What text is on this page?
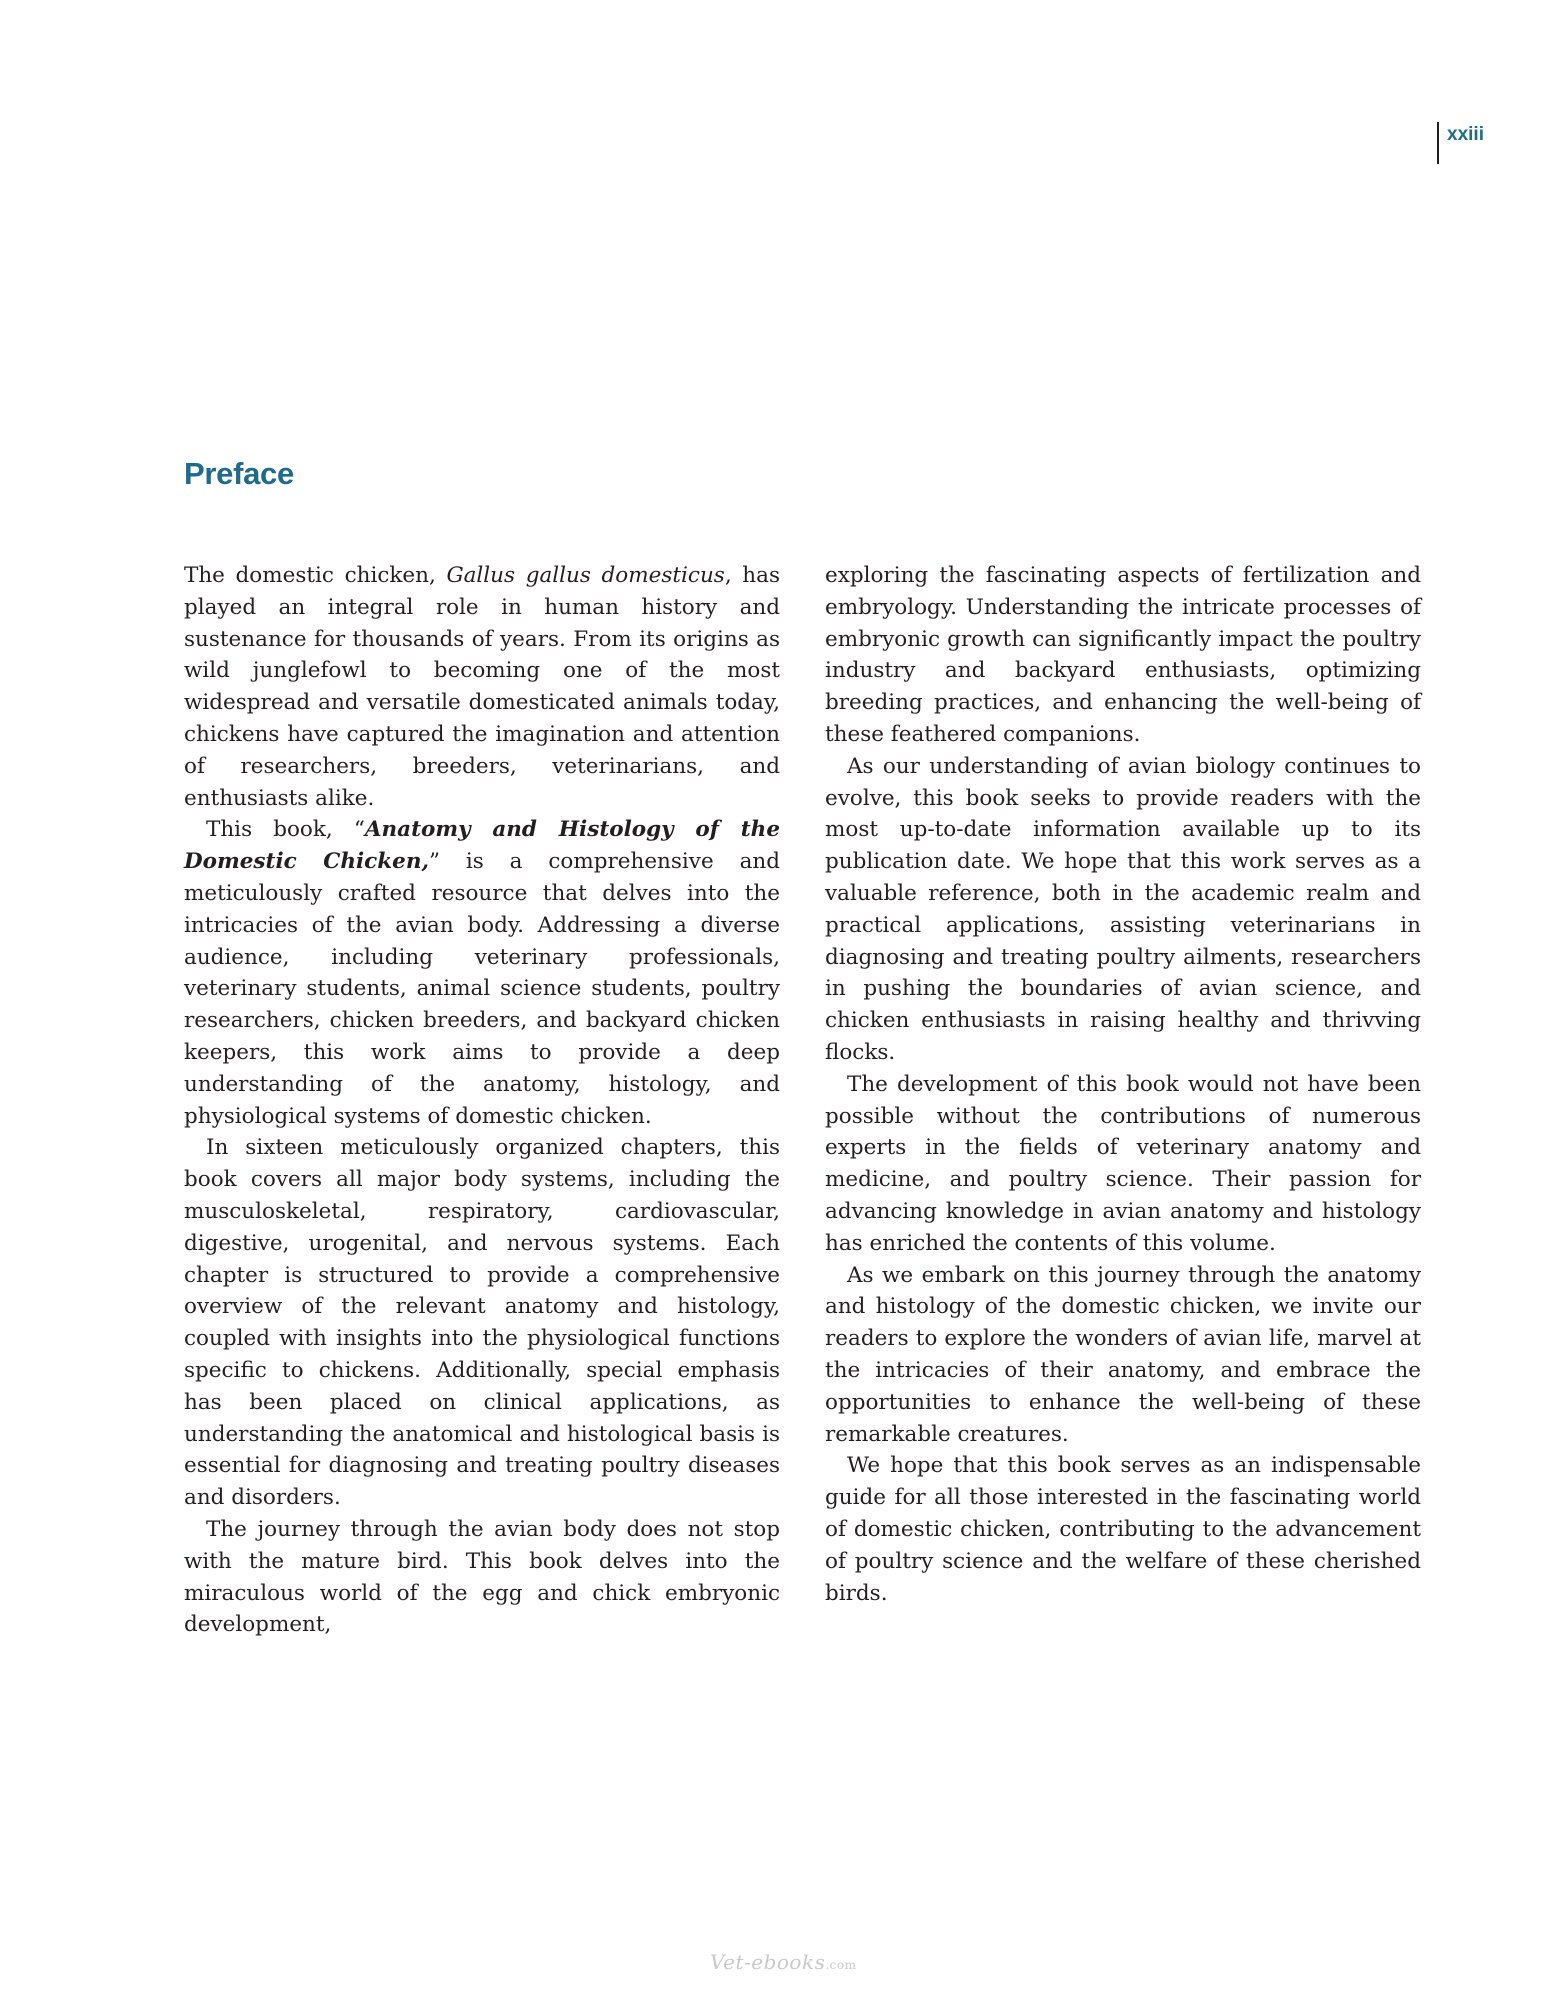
xxiii
Preface

The domestic chicken, Gallus gallus domesticus, has played an integral role in human history and sustenance for thousands of years. From its origins as wild junglefowl to becoming one of the most widespread and versatile domesticated animals today, chickens have captured the imagination and attention of researchers, breeders, veterinarians, and enthusiasts alike.

This book, “Anatomy and Histology of the Domestic Chicken,” is a comprehensive and meticulously crafted resource that delves into the intricacies of the avian body. Addressing a diverse audience, including veterinary professionals, veterinary students, animal science students, poultry researchers, chicken breeders, and backyard chicken keepers, this work aims to provide a deep understanding of the anatomy, histology, and physiological systems of domestic chicken.

In sixteen meticulously organized chapters, this book covers all major body systems, including the musculoskeletal, respiratory, cardiovascular, digestive, urogenital, and nervous systems. Each chapter is structured to provide a comprehensive overview of the relevant anatomy and histology, coupled with insights into the physiological functions specific to chickens. Additionally, special emphasis has been placed on clinical applications, as understanding the anatomical and histological basis is essential for diagnosing and treating poultry diseases and disorders.

The journey through the avian body does not stop with the mature bird. This book delves into the miraculous world of the egg and chick embryonic development,

exploring the fascinating aspects of fertilization and embryology. Understanding the intricate processes of embryonic growth can significantly impact the poultry industry and backyard enthusiasts, optimizing breeding practices, and enhancing the well-being of these feathered companions.

As our understanding of avian biology continues to evolve, this book seeks to provide readers with the most up-to-date information available up to its publication date. We hope that this work serves as a valuable reference, both in the academic realm and practical applications, assisting veterinarians in diagnosing and treating poultry ailments, researchers in pushing the boundaries of avian science, and chicken enthusiasts in raising healthy and thrivving flocks.

The development of this book would not have been possible without the contributions of numerous experts in the fields of veterinary anatomy and medicine, and poultry science. Their passion for advancing knowledge in avian anatomy and histology has enriched the contents of this volume.

As we embark on this journey through the anatomy and histology of the domestic chicken, we invite our readers to explore the wonders of avian life, marvel at the intricacies of their anatomy, and embrace the opportunities to enhance the well-being of these remarkable creatures.

We hope that this book serves as an indispensable guide for all those interested in the fascinating world of domestic chicken, contributing to the advancement of poultry science and the welfare of these cherished birds.

Vet-ebooks.com
